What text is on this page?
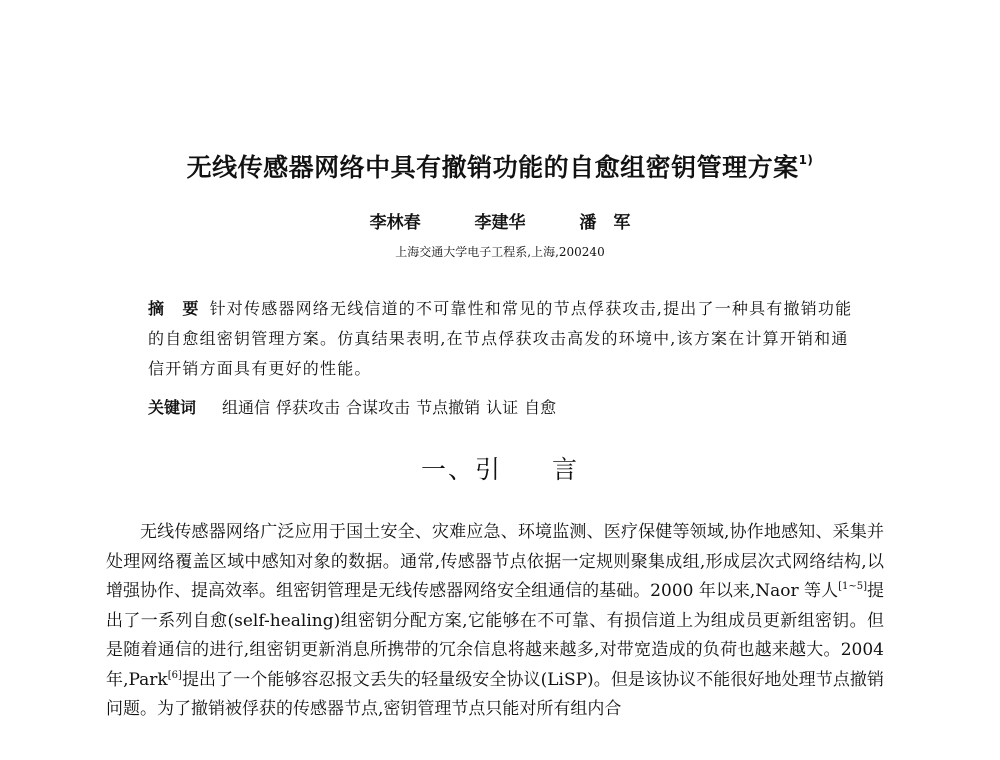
无线传感器网络中具有撤销功能的自愈组密钥管理方案$^{1)}$
李林春	李建华	潘　军
上海交通大学电子工程系,上海,200240
摘　要 针对传感器网络无线信道的不可靠性和常见的节点俘获攻击,提出了一种具有撤销功能的自愈组密钥管理方案。仿真结果表明,在节点俘获攻击高发的环境中,该方案在计算开销和通信开销方面具有更好的性能。
关键词 组通信 俘获攻击 合谋攻击 节点撤销 认证 自愈
一、引 言
无线传感器网络广泛应用于国土安全、灾难应急、环境监测、医疗保健等领域,协作地感知、采集并处理网络覆盖区域中感知对象的数据。通常,传感器节点依据一定规则聚集成组,形成层次式网络结构,以增强协作、提高效率。组密钥管理是无线传感器网络安全组通信的基础。2000 年以来,Naor 等人[1~5]提出了一系列自愈(self-healing)组密钥分配方案,它能够在不可靠、有损信道上为组成员更新组密钥。但是随着通信的进行,组密钥更新消息所携带的冗余信息将越来越多,对带宽造成的负荷也越来越大。2004 年,Park[6]提出了一个能够容忍报文丢失的轻量级安全协议(LiSP)。但是该协议不能很好地处理节点撤销问题。为了撤销被俘获的传感器节点,密钥管理节点只能对所有组内合
